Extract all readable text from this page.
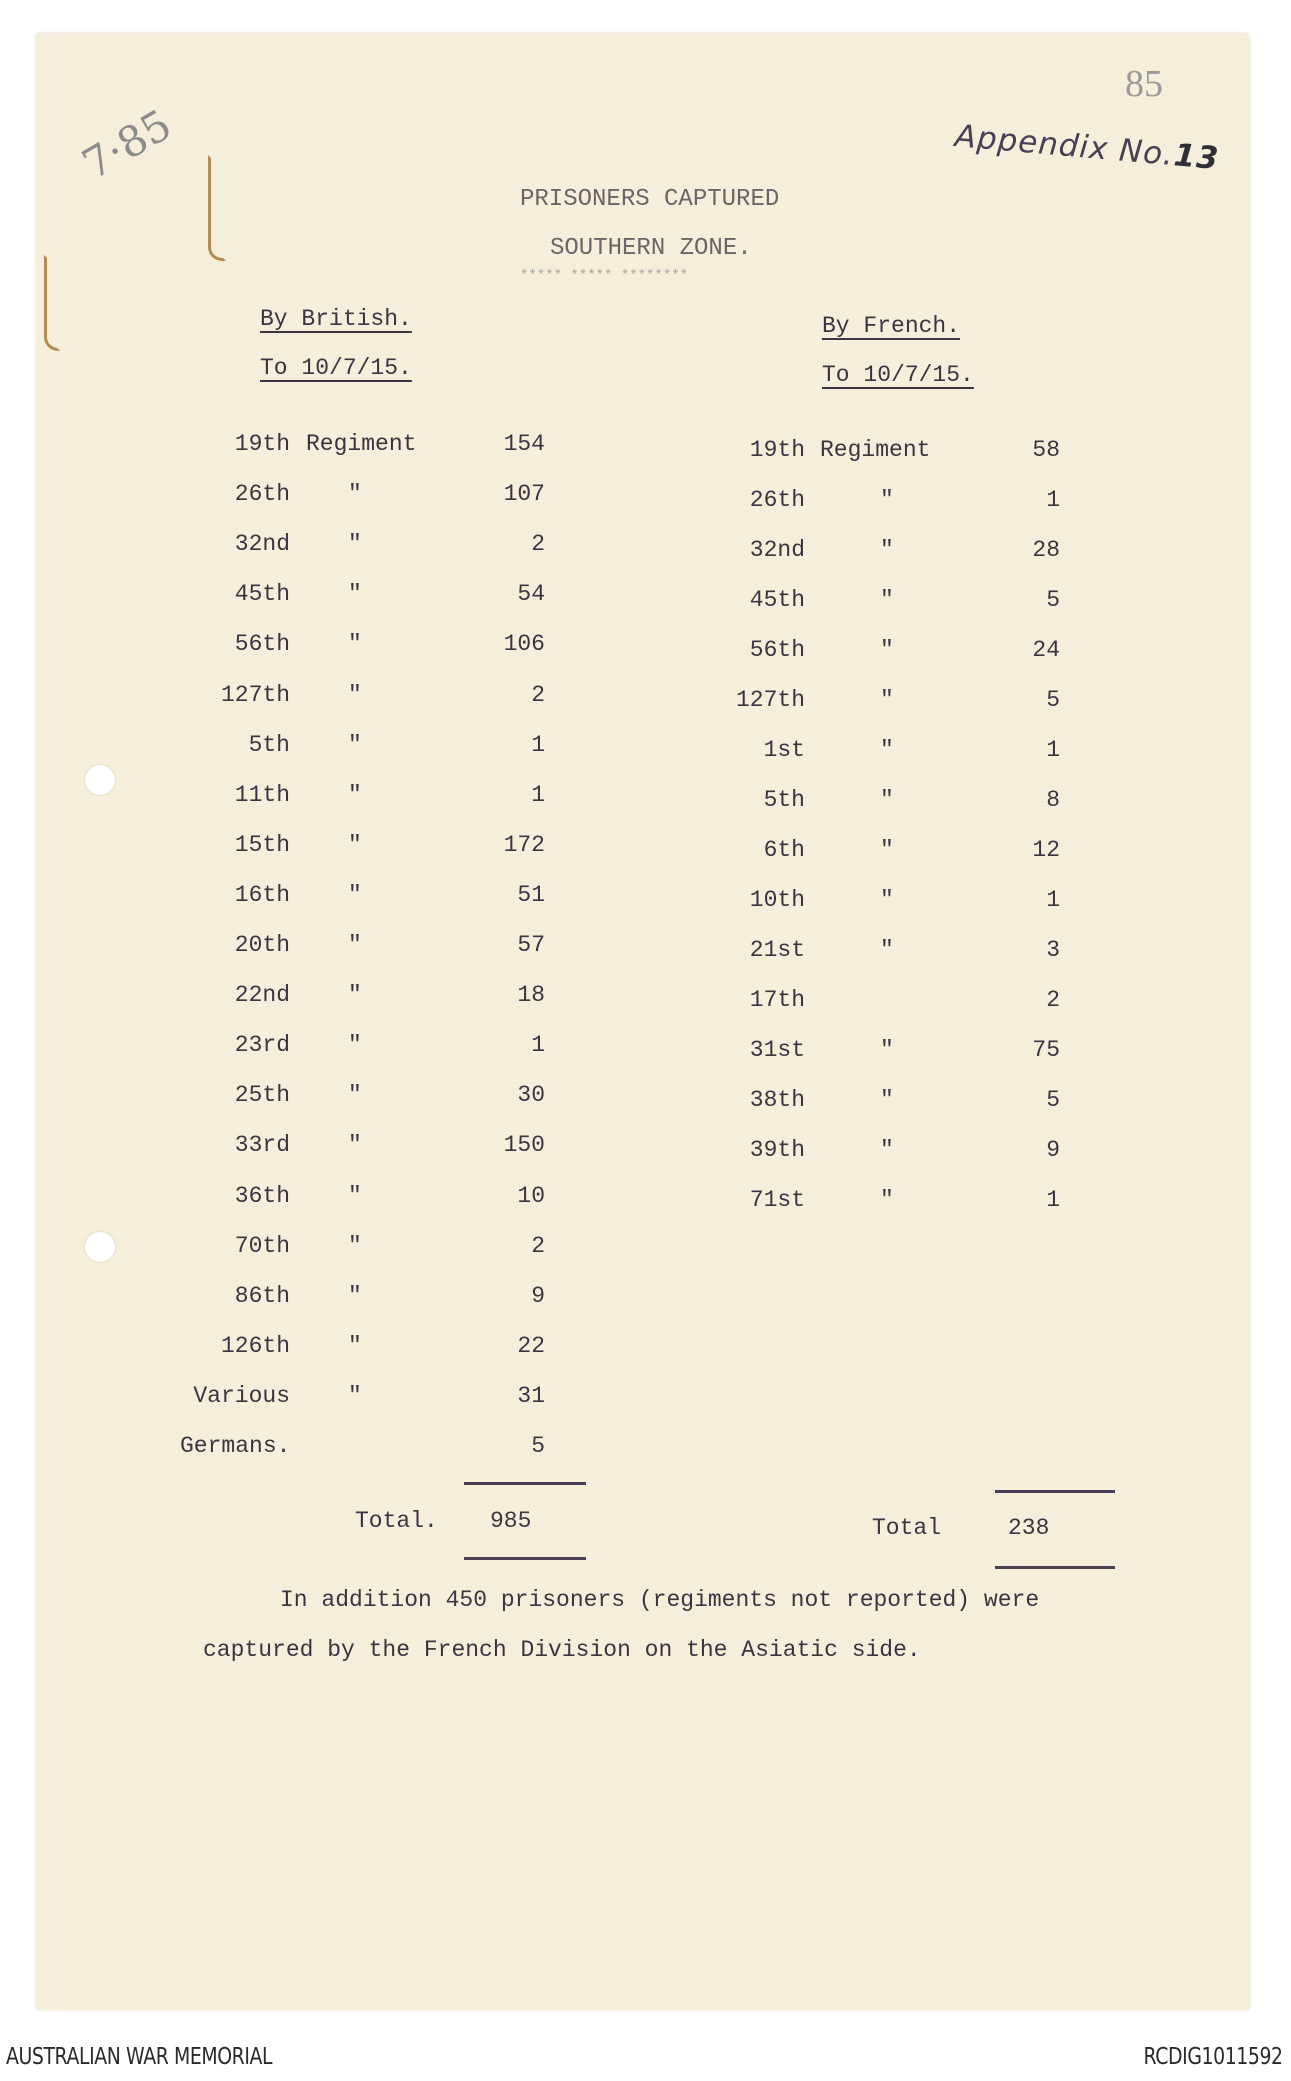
7·85
85
Appendix No.
13
PRISONERS CAPTURED
SOUTHERN ZONE.
***** ***** ********
By British.
To 10/7/15.
By French.
To 10/7/15.
19th Regiment	154
26th	"	107
32nd	"	2
45th	"	54
56th	"	106
127th	"	2
5th	"	1
11th	"	1
15th	"	172
16th	"	51
20th	"	57
22nd	"	18
23rd	"	1
25th	"	30
33rd	"	150
36th	"	10
70th	"	2
86th	"	9
126th	"	22
Various	"	31
Germans.	5
19th Regiment	58
26th	"	1
32nd	"	28
45th	"	5
56th	"	24
127th	"	5
1st	"	1
5th	"	8
6th	"	12
10th	"	1
21st	"	3
17th	2
31st	"	75
38th	"	5
39th	"	9
71st	"	1
Total. 985	Total	238
In addition 450 prisoners (regiments not reported) were
captured by the French Division on the Asiatic side.
AUSTRALIAN WAR MEMORIAL	RCDIG1011592
